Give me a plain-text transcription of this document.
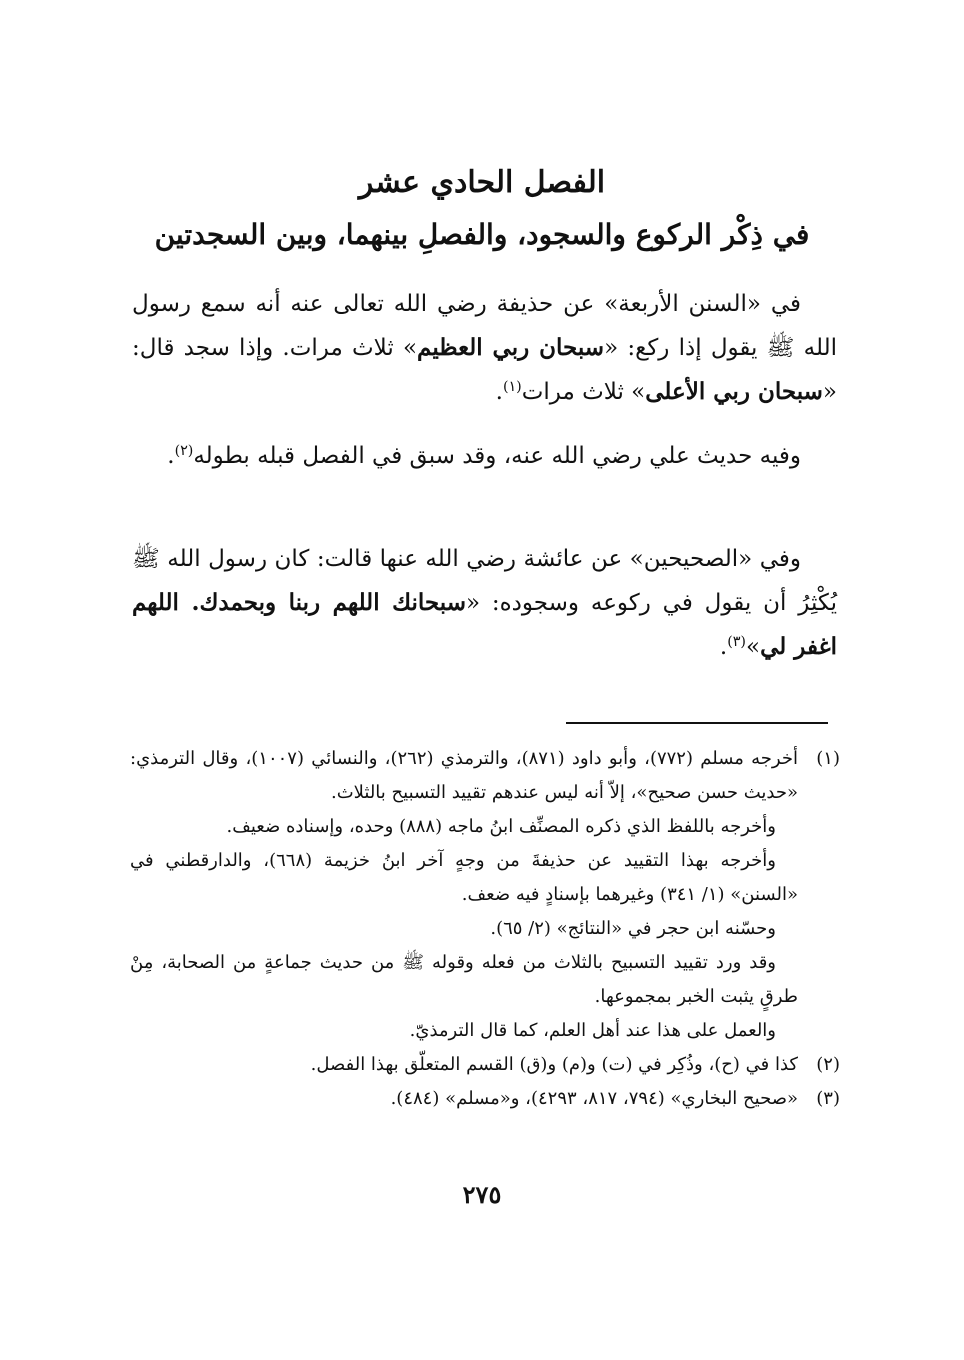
الفصل الحادي عشر
في ذِكْر الركوع والسجود، والفصلِ بينهما، وبين السجدتين

في «السنن الأربعة» عن حذيفة رضي الله تعالى عنه أنه سمع رسول الله ﷺ يقول إذا ركع: «سبحان ربي العظيم» ثلاث مرات. وإذا سجد قال: «سبحان ربي الأعلى» ثلاث مرات$^{(١)}$.

وفيه حديث علي رضي الله عنه، وقد سبق في الفصل قبله بطوله$^{(٢)}$.

وفي «الصحيحين» عن عائشة رضي الله عنها قالت: كان رسول الله ﷺ يُكْثِرُ أن يقول في ركوعه وسجوده: «سبحانك اللهم ربنا وبحمدك. اللهم اغفر لي»$^{(٣)}$.

(١)
أخرجه مسلم (٧٧٢)، وأبو داود (٨٧١)، والترمذي (٢٦٢)، والنسائي (١٠٠٧)، وقال الترمذي: «حديث حسن صحيح»، إلاّ أنه ليس عندهم تقييد التسبيح بالثلاث.
وأخرجه باللفظ الذي ذكره المصنِّف ابنُ ماجه (٨٨٨) وحده، وإسناده ضعيف.
وأخرجه بهذا التقييد عن حذيفةَ من وجهٍ آخر ابنُ خزيمة (٦٦٨)، والدارقطني في «السنن» (١/ ٣٤١) وغيرهما بإسنادٍ فيه ضعف.
وحسّنه ابن حجر في «النتائج» (٢/ ٦٥).
وقد ورد تقييد التسبيح بالثلاث من فعله وقوله ﷺ من حديث جماعةٍ من الصحابة، مِنْ طرقٍ يثبت الخبر بمجموعها.
والعمل على هذا عند أهل العلم، كما قال الترمذيّ.
(٢)
كذا في (ح)، وذُكِر في (ت) و(م) و(ق) القسم المتعلّق بهذا الفصل.
(٣)
«صحيح البخاري» (٧٩٤، ٨١٧، ٤٢٩٣)، و«مسلم» (٤٨٤).
٢٧٥
